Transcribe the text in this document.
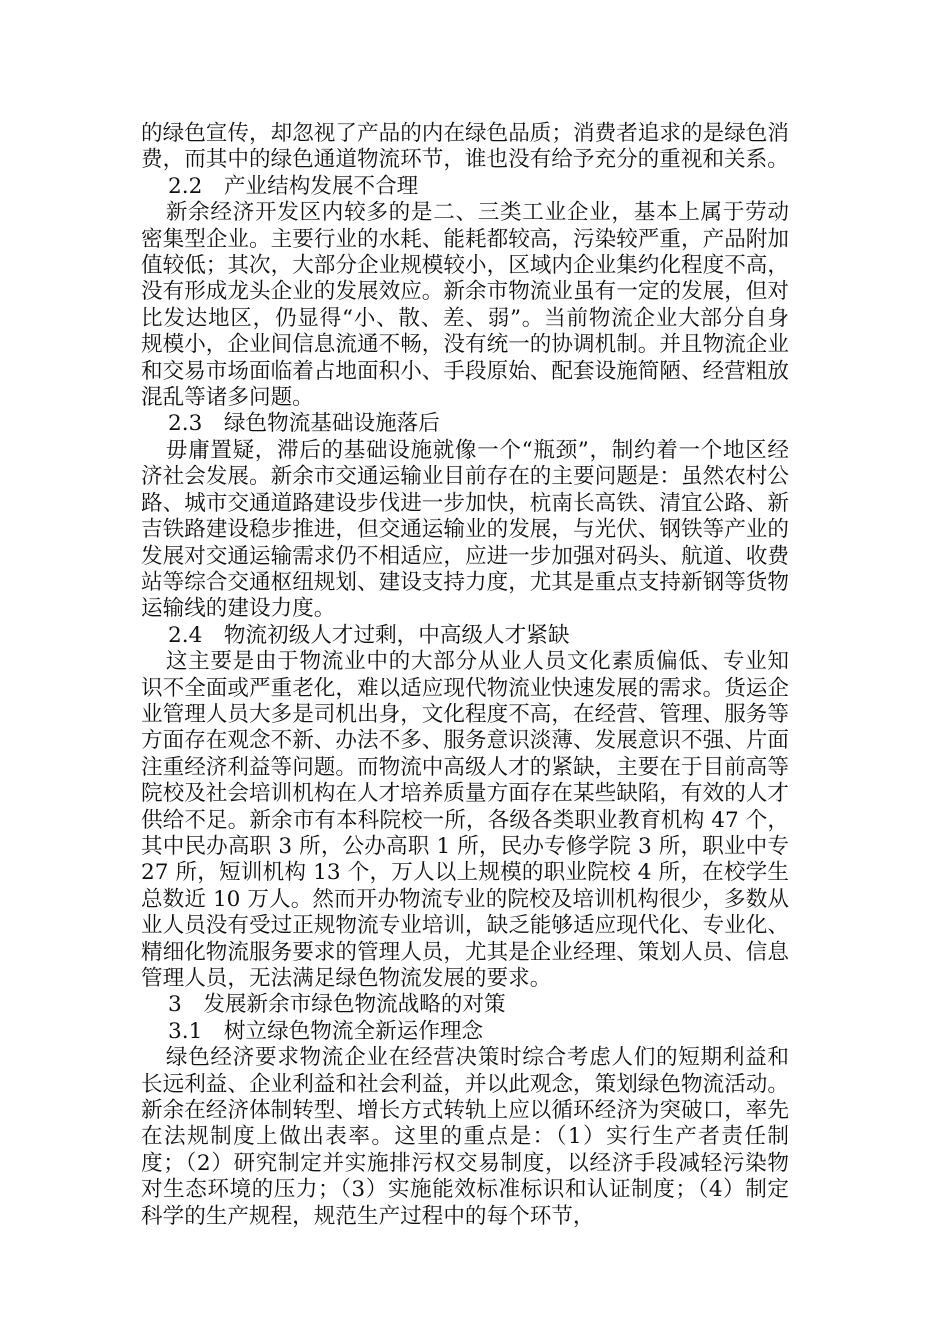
的绿色宣传，却忽视了产品的内在绿色品质；消费者追求的是绿色消费，而其中的绿色通道物流环节，谁也没有给予充分的重视和关系。

2.2　产业结构发展不合理

新余经济开发区内较多的是二、三类工业企业，基本上属于劳动密集型企业。主要行业的水耗、能耗都较高，污染较严重，产品附加值较低；其次，大部分企业规模较小，区域内企业集约化程度不高，没有形成龙头企业的发展效应。新余市物流业虽有一定的发展，但对比发达地区，仍显得“小、散、差、弱”。当前物流企业大部分自身规模小，企业间信息流通不畅，没有统一的协调机制。并且物流企业和交易市场面临着占地面积小、手段原始、配套设施简陋、经营粗放混乱等诸多问题。

2.3　绿色物流基础设施落后

毋庸置疑，滞后的基础设施就像一个“瓶颈”，制约着一个地区经济社会发展。新余市交通运输业目前存在的主要问题是：虽然农村公路、城市交通道路建设步伐进一步加快，杭南长高铁、清宜公路、新吉铁路建设稳步推进，但交通运输业的发展，与光伏、钢铁等产业的发展对交通运输需求仍不相适应，应进一步加强对码头、航道、收费站等综合交通枢纽规划、建设支持力度，尤其是重点支持新钢等货物运输线的建设力度。

2.4　物流初级人才过剩，中高级人才紧缺

这主要是由于物流业中的大部分从业人员文化素质偏低、专业知识不全面或严重老化，难以适应现代物流业快速发展的需求。货运企业管理人员大多是司机出身，文化程度不高，在经营、管理、服务等方面存在观念不新、办法不多、服务意识淡薄、发展意识不强、片面注重经济利益等问题。而物流中高级人才的紧缺，主要在于目前高等院校及社会培训机构在人才培养质量方面存在某些缺陷，有效的人才供给不足。新余市有本科院校一所，各级各类职业教育机构 47 个，其中民办高职 3 所，公办高职 1 所，民办专修学院 3 所，职业中专 27 所，短训机构 13 个，万人以上规模的职业院校 4 所，在校学生总数近 10 万人。然而开办物流专业的院校及培训机构很少，多数从业人员没有受过正规物流专业培训，缺乏能够适应现代化、专业化、精细化物流服务要求的管理人员，尤其是企业经理、策划人员、信息管理人员，无法满足绿色物流发展的要求。

3　发展新余市绿色物流战略的对策

3.1　树立绿色物流全新运作理念

绿色经济要求物流企业在经营决策时综合考虑人们的短期利益和长远利益、企业利益和社会利益，并以此观念，策划绿色物流活动。新余在经济体制转型、增长方式转轨上应以循环经济为突破口，率先在法规制度上做出表率。这里的重点是：（1）实行生产者责任制度；（2）研究制定并实施排污权交易制度，以经济手段减轻污染物对生态环境的压力；（3）实施能效标准标识和认证制度；（4）制定科学的生产规程，规范生产过程中的每个环节，
